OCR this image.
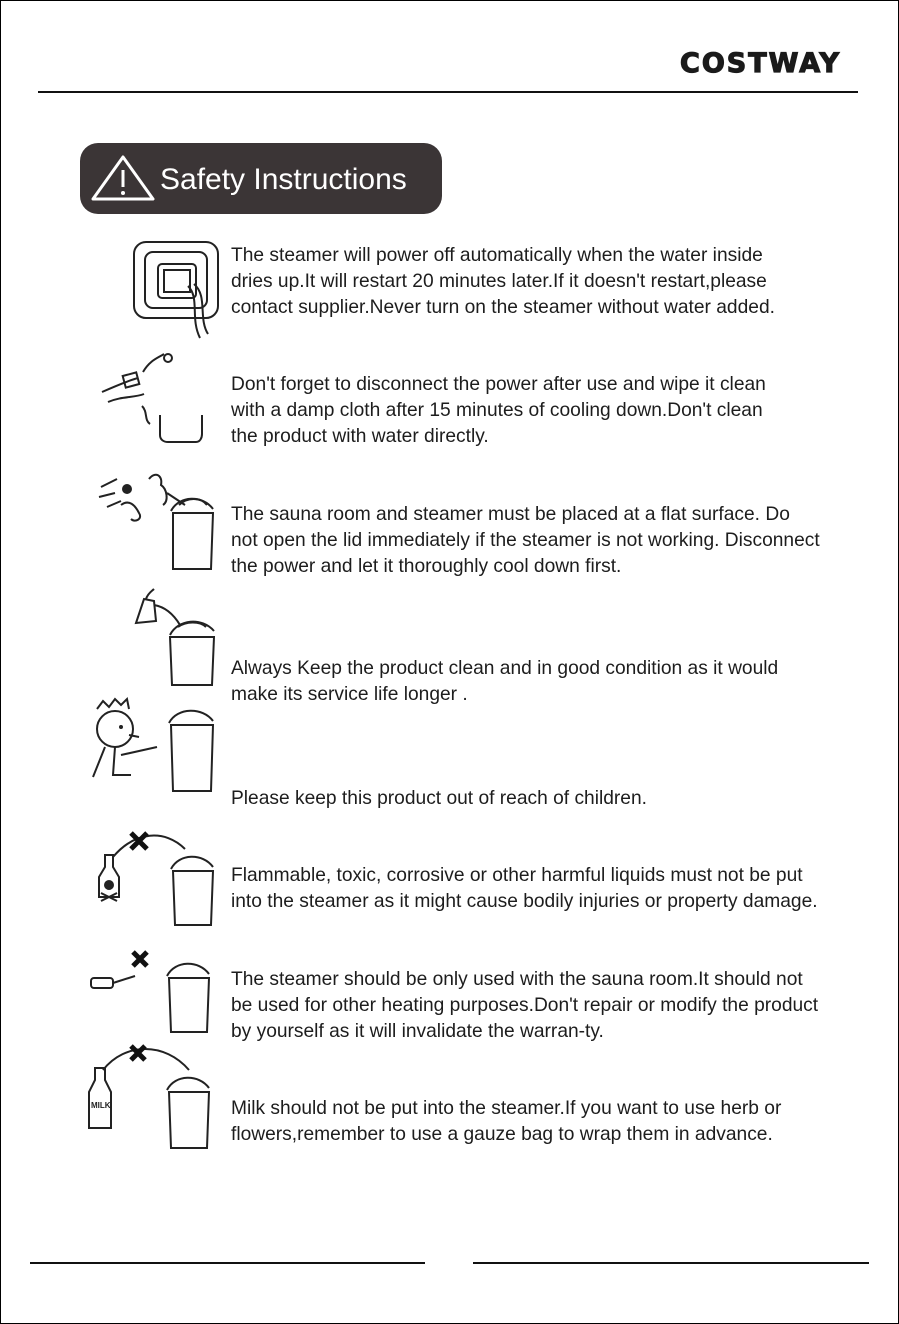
COSTWAY
Safety Instructions
The steamer will power off automatically when the water inside dries up.It will restart 20 minutes later.If it doesn't restart,please contact supplier.Never turn on the steamer without water added.
Don't forget to disconnect the power after use and wipe it clean with a damp cloth after 15 minutes of cooling down.Don't clean the product with water directly.
The sauna room and steamer must be placed at a flat surface. Do not open the lid immediately if the steamer is not working. Disconnect the power and let it thoroughly cool down first.
Always Keep the product clean and in good condition as it would make its service life longer .
Please keep this product out of reach of children.
Flammable, toxic, corrosive or other harmful liquids must not be put into the steamer as it might cause bodily injuries or property damage.
The steamer should be only used with the sauna room.It should not be used for other heating purposes.Don't repair or modify the product by yourself as it will invalidate the warran-ty.
Milk should not be put into the steamer.If you want to use herb or flowers,remember to use a gauze bag to wrap them in advance.
MILK
